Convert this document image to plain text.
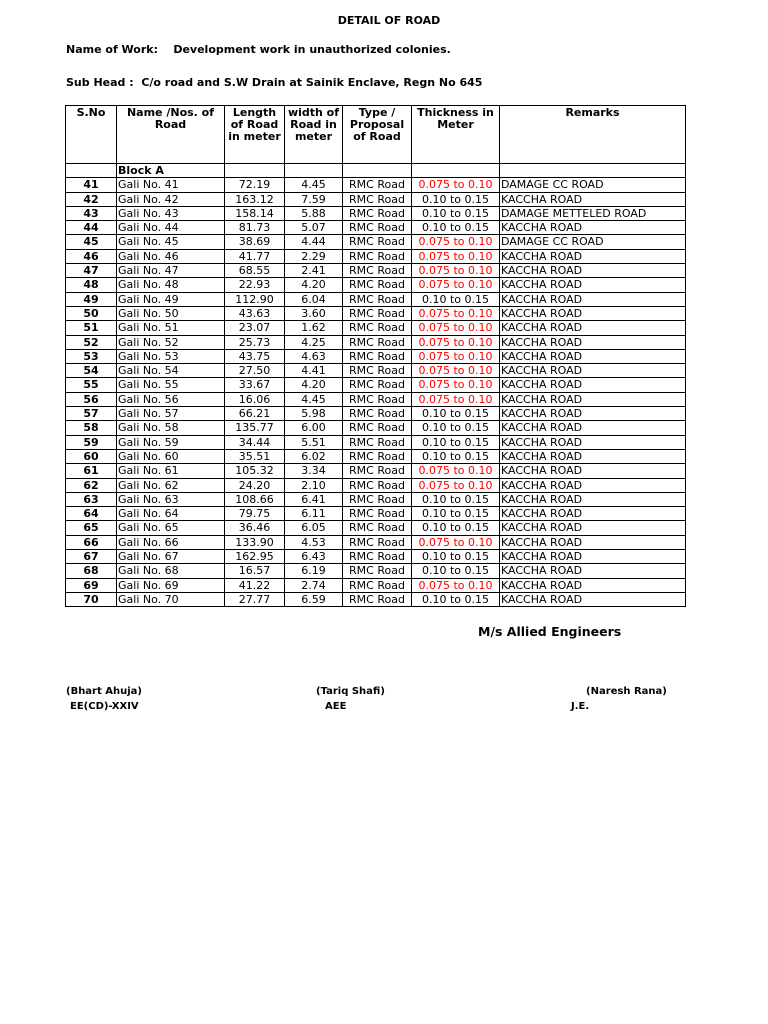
DETAIL OF ROAD
Name of Work: Development work in unauthorized colonies.
Sub Head : C/o road and S.W Drain at Sainik Enclave, Regn No 645
S.No	Name /Nos. of Road	Length of Road in meter	width of Road in meter	Type / Proposal of Road	Thickness in Meter	Remarks
	Block A					
41	Gali No. 41	72.19	4.45	RMC Road	0.075 to 0.10	DAMAGE CC ROAD
42	Gali No. 42	163.12	7.59	RMC Road	0.10 to 0.15	KACCHA ROAD
43	Gali No. 43	158.14	5.88	RMC Road	0.10 to 0.15	DAMAGE METTELED ROAD
44	Gali No. 44	81.73	5.07	RMC Road	0.10 to 0.15	KACCHA ROAD
45	Gali No. 45	38.69	4.44	RMC Road	0.075 to 0.10	DAMAGE CC ROAD
46	Gali No. 46	41.77	2.29	RMC Road	0.075 to 0.10	KACCHA ROAD
47	Gali No. 47	68.55	2.41	RMC Road	0.075 to 0.10	KACCHA ROAD
48	Gali No. 48	22.93	4.20	RMC Road	0.075 to 0.10	KACCHA ROAD
49	Gali No. 49	112.90	6.04	RMC Road	0.10 to 0.15	KACCHA ROAD
50	Gali No. 50	43.63	3.60	RMC Road	0.075 to 0.10	KACCHA ROAD
51	Gali No. 51	23.07	1.62	RMC Road	0.075 to 0.10	KACCHA ROAD
52	Gali No. 52	25.73	4.25	RMC Road	0.075 to 0.10	KACCHA ROAD
53	Gali No. 53	43.75	4.63	RMC Road	0.075 to 0.10	KACCHA ROAD
54	Gali No. 54	27.50	4.41	RMC Road	0.075 to 0.10	KACCHA ROAD
55	Gali No. 55	33.67	4.20	RMC Road	0.075 to 0.10	KACCHA ROAD
56	Gali No. 56	16.06	4.45	RMC Road	0.075 to 0.10	KACCHA ROAD
57	Gali No. 57	66.21	5.98	RMC Road	0.10 to 0.15	KACCHA ROAD
58	Gali No. 58	135.77	6.00	RMC Road	0.10 to 0.15	KACCHA ROAD
59	Gali No. 59	34.44	5.51	RMC Road	0.10 to 0.15	KACCHA ROAD
60	Gali No. 60	35.51	6.02	RMC Road	0.10 to 0.15	KACCHA ROAD
61	Gali No. 61	105.32	3.34	RMC Road	0.075 to 0.10	KACCHA ROAD
62	Gali No. 62	24.20	2.10	RMC Road	0.075 to 0.10	KACCHA ROAD
63	Gali No. 63	108.66	6.41	RMC Road	0.10 to 0.15	KACCHA ROAD
64	Gali No. 64	79.75	6.11	RMC Road	0.10 to 0.15	KACCHA ROAD
65	Gali No. 65	36.46	6.05	RMC Road	0.10 to 0.15	KACCHA ROAD
66	Gali No. 66	133.90	4.53	RMC Road	0.075 to 0.10	KACCHA ROAD
67	Gali No. 67	162.95	6.43	RMC Road	0.10 to 0.15	KACCHA ROAD
68	Gali No. 68	16.57	6.19	RMC Road	0.10 to 0.15	KACCHA ROAD
69	Gali No. 69	41.22	2.74	RMC Road	0.075 to 0.10	KACCHA ROAD
70	Gali No. 70	27.77	6.59	RMC Road	0.10 to 0.15	KACCHA ROAD
M/s Allied Engineers
(Bhart Ahuja)
EE(CD)-XXIV
(Tariq Shafi)
AEE
(Naresh Rana)
J.E.
